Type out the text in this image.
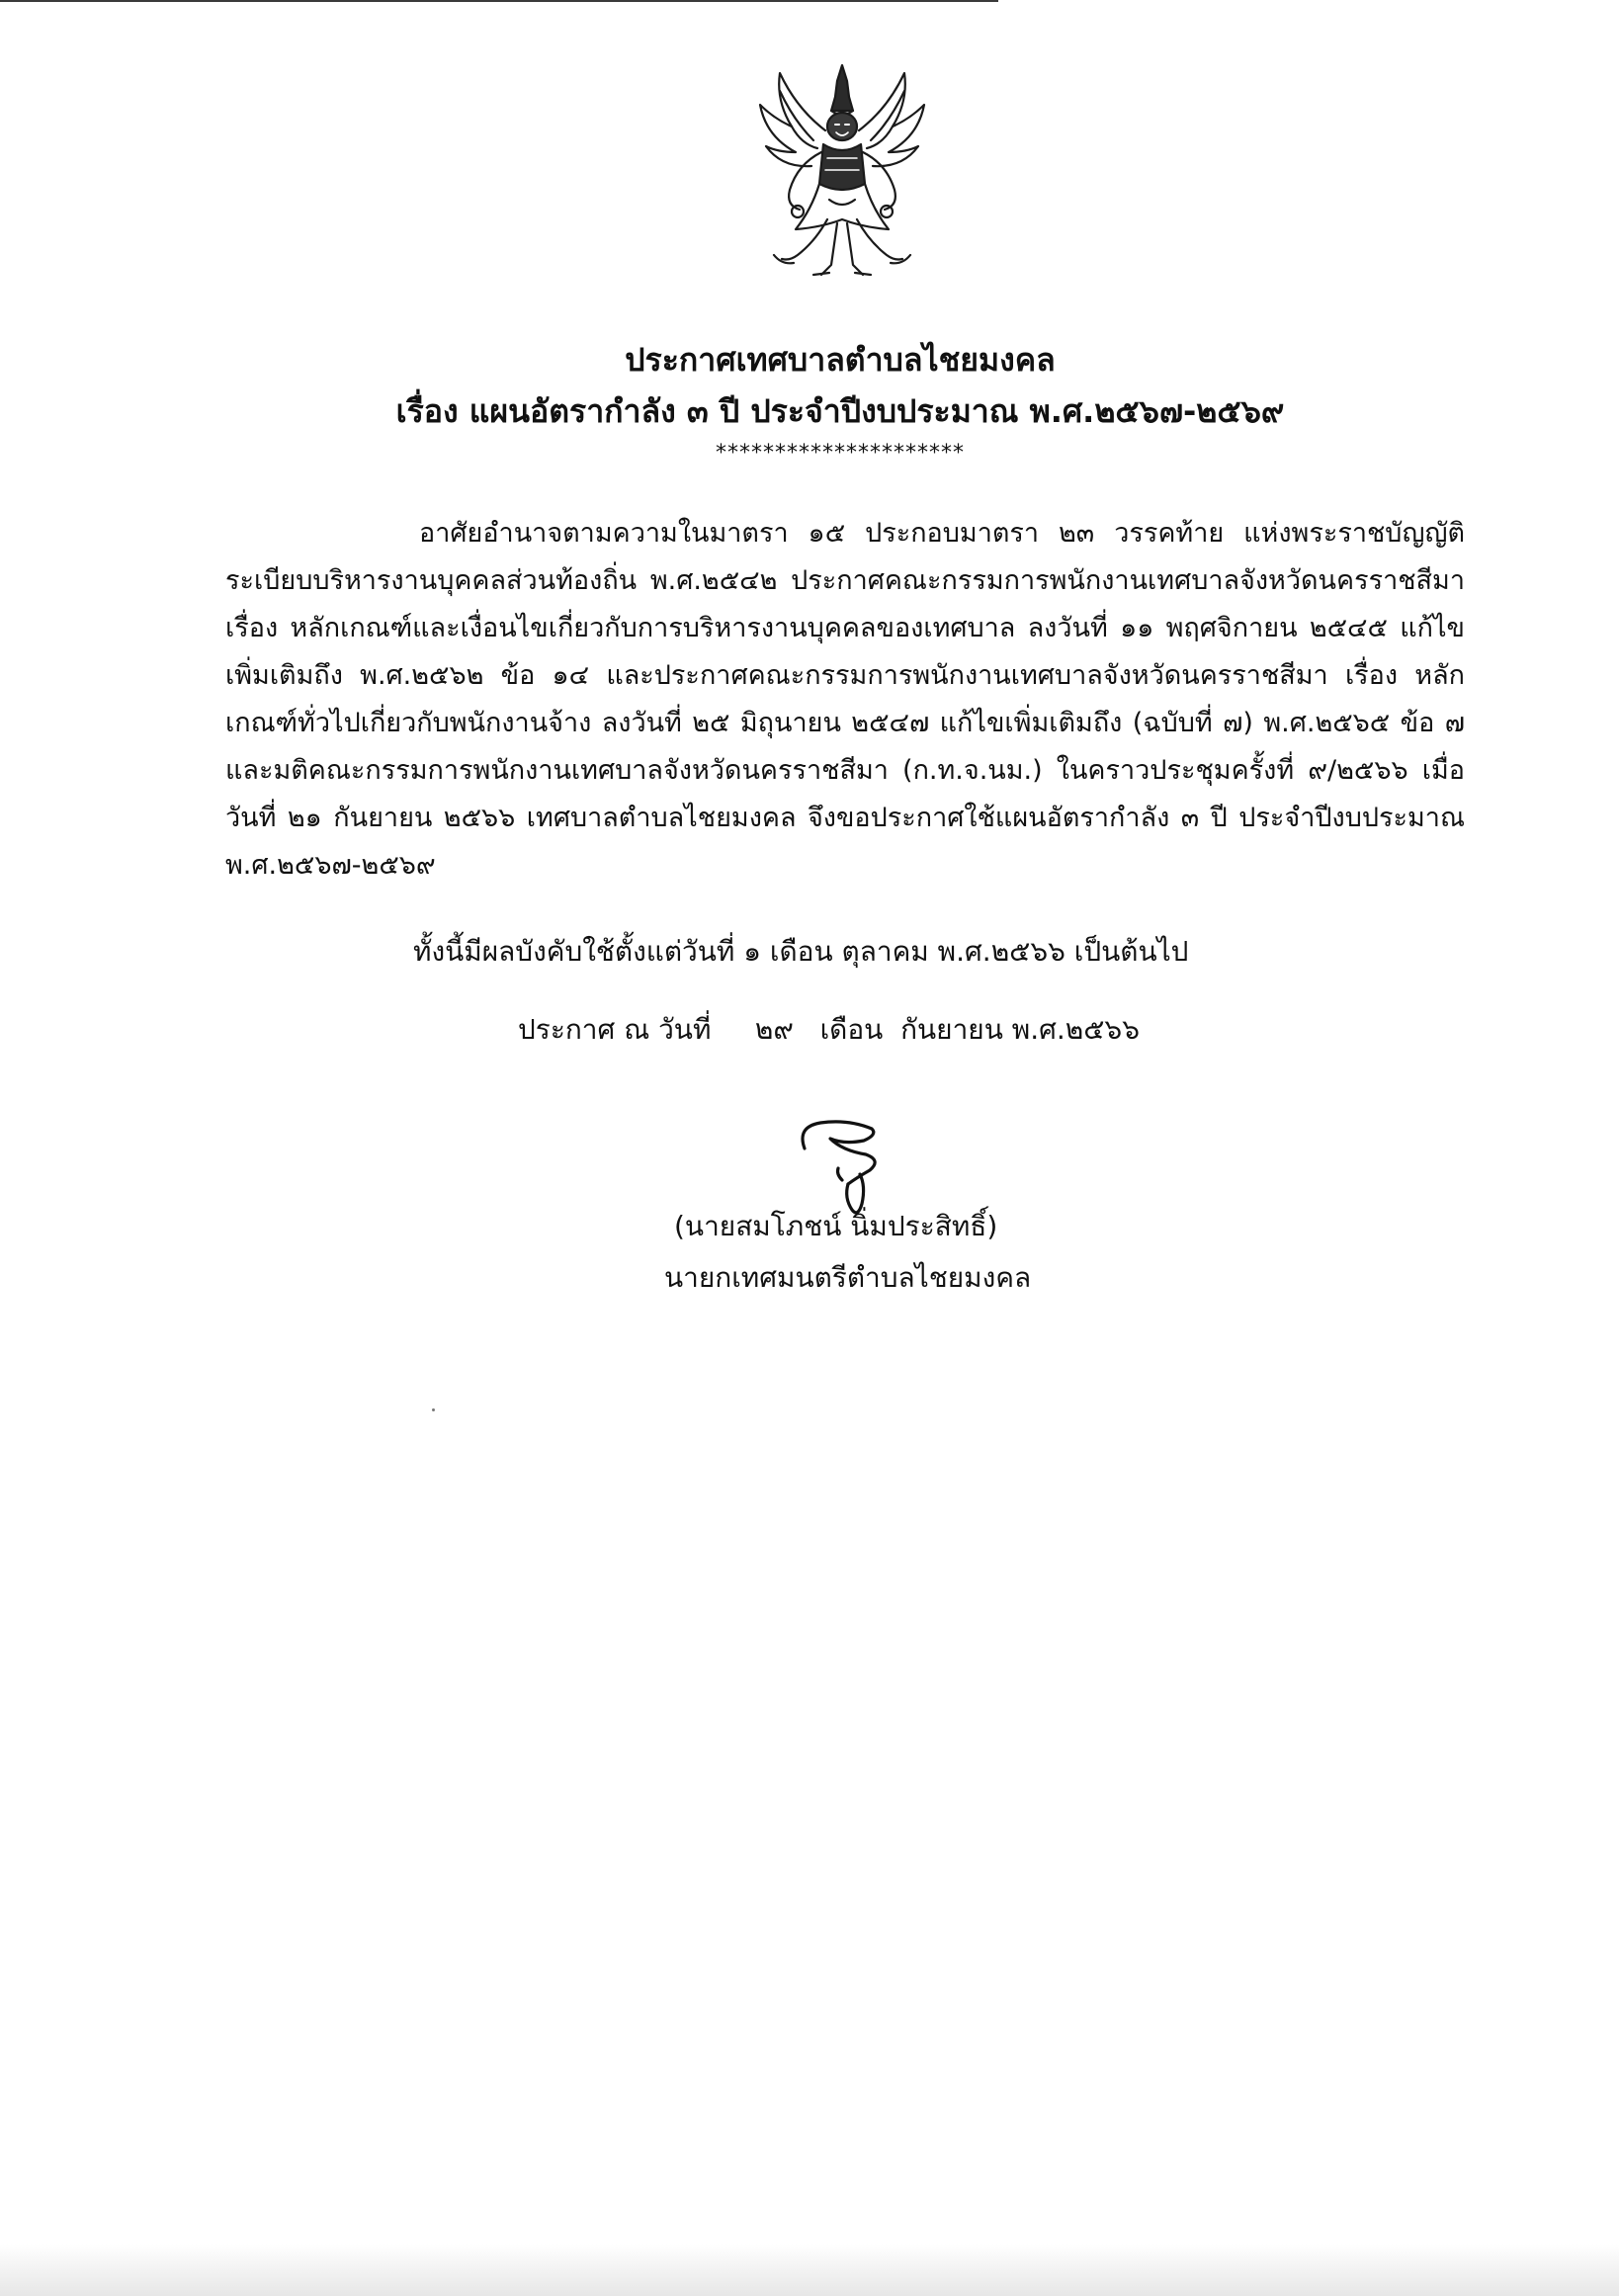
ประกาศเทศบาลตำบลไชยมงคล
เรื่อง แผนอัตรากำลัง ๓ ปี ประจำปีงบประมาณ พ.ศ.๒๕๖๗-๒๕๖๙
*********************
อาศัยอำนาจตามความในมาตรา ๑๕ ประกอบมาตรา ๒๓ วรรคท้าย แห่งพระราชบัญญัติระเบียบบริหารงานบุคคลส่วนท้องถิ่น พ.ศ.๒๕๔๒ ประกาศคณะกรรมการพนักงานเทศบาลจังหวัดนครราชสีมา เรื่อง หลักเกณฑ์และเงื่อนไขเกี่ยวกับการบริหารงานบุคคลของเทศบาล ลงวันที่ ๑๑ พฤศจิกายน ๒๕๔๕ แก้ไขเพิ่มเติมถึง พ.ศ.๒๕๖๒ ข้อ ๑๔ และประกาศคณะกรรมการพนักงานเทศบาลจังหวัดนครราชสีมา เรื่อง หลักเกณฑ์ทั่วไปเกี่ยวกับพนักงานจ้าง ลงวันที่ ๒๕ มิถุนายน ๒๕๔๗ แก้ไขเพิ่มเติมถึง (ฉบับที่ ๗) พ.ศ.๒๕๖๕ ข้อ ๗ และมติคณะกรรมการพนักงานเทศบาลจังหวัดนครราชสีมา (ก.ท.จ.นม.) ในคราวประชุมครั้งที่ ๙/๒๕๖๖ เมื่อวันที่ ๒๑ กันยายน ๒๕๖๖ เทศบาลตำบลไชยมงคล จึงขอประกาศใช้แผนอัตรากำลัง ๓ ปี ประจำปีงบประมาณ พ.ศ.๒๕๖๗-๒๕๖๙
ทั้งนี้มีผลบังคับใช้ตั้งแต่วันที่ ๑ เดือน ตุลาคม พ.ศ.๒๕๖๖ เป็นต้นไป
ประกาศ ณ วันที่     ๒๙   เดือน  กันยายน พ.ศ.๒๕๖๖
(นายสมโภชน์ นิ่มประสิทธิ์)
นายกเทศมนตรีตำบลไชยมงคล
